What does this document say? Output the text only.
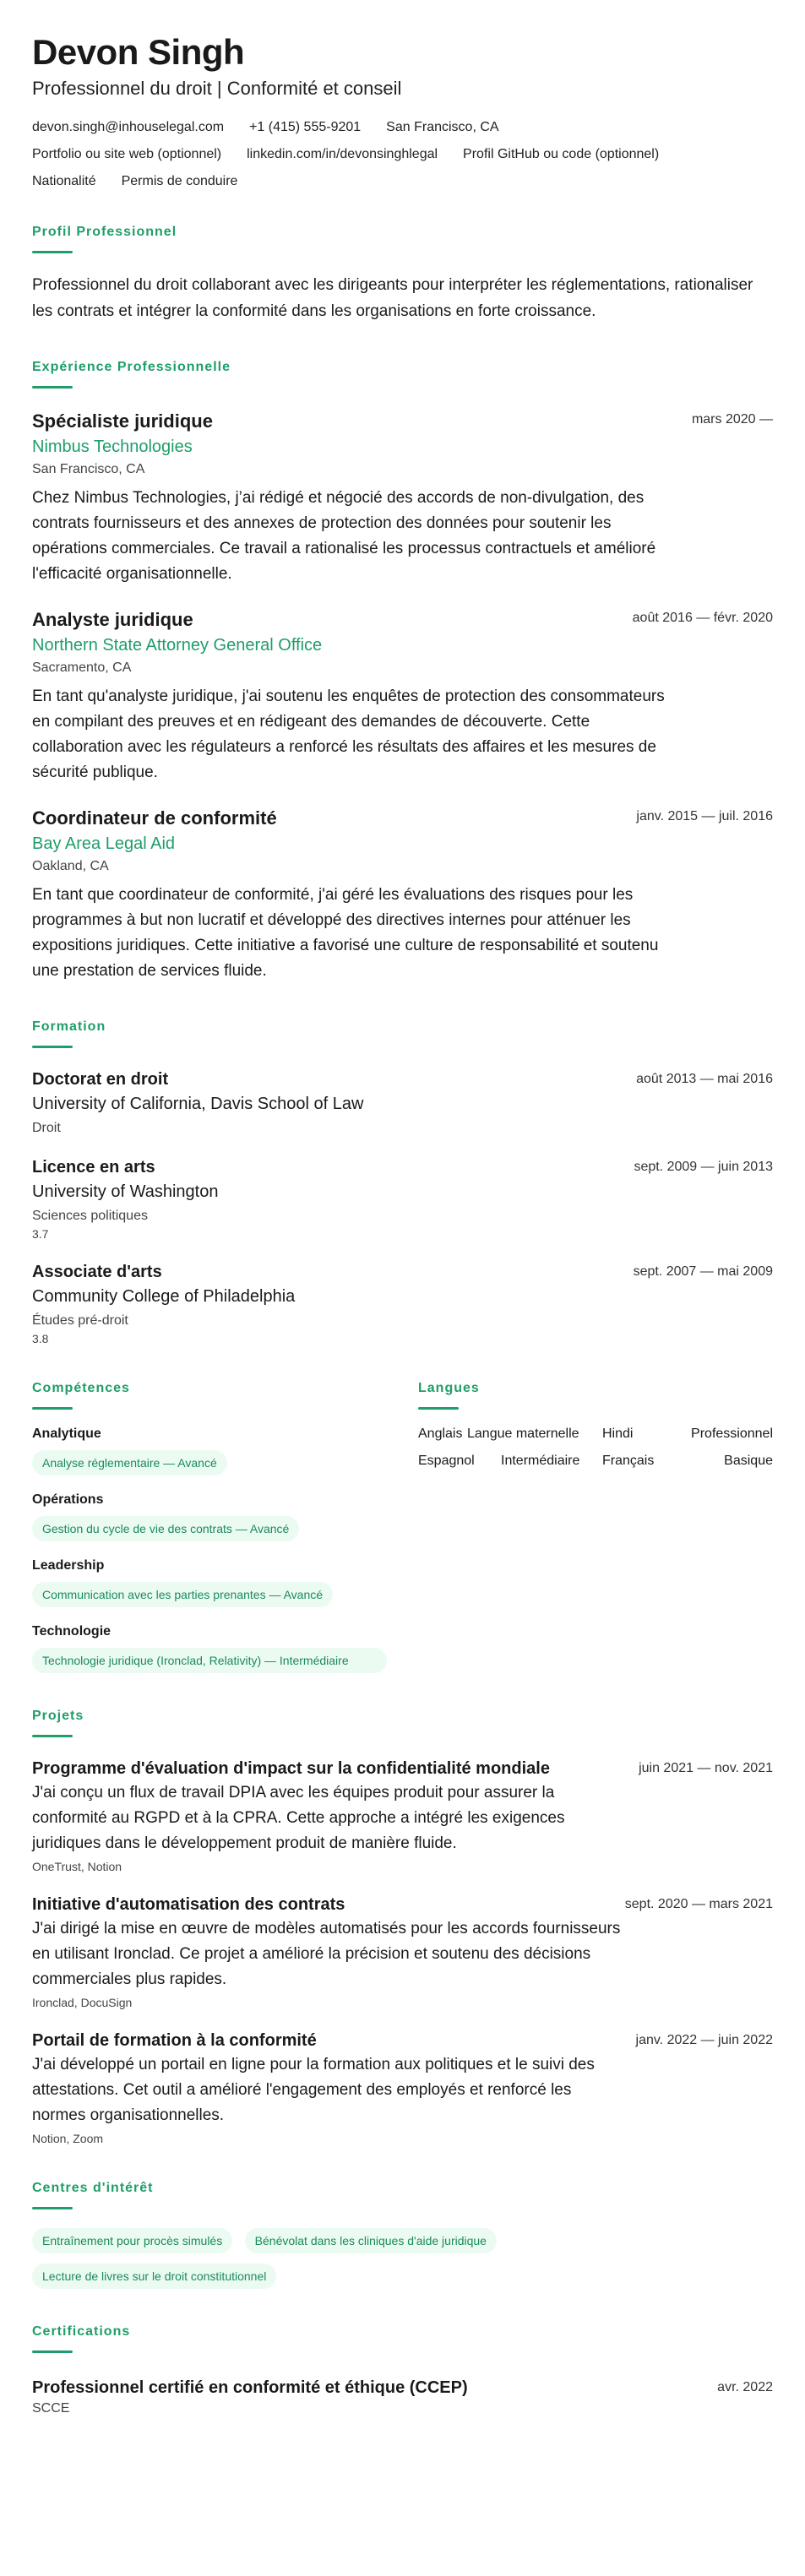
Devon Singh
Professionnel du droit | Conformité et conseil
devon.singh@inhouselegal.com +1 (415) 555-9201 San Francisco, CA
Portfolio ou site web (optionnel) linkedin.com/in/devonsinghlegal Profil GitHub ou code (optionnel)
Nationalité Permis de conduire
Profil Professionnel

Professionnel du droit collaborant avec les dirigeants pour interpréter les réglementations, rationaliser les contrats et intégrer la conformité dans les organisations en forte croissance.

Expérience Professionnelle
Spécialiste juridique	mars 2020 —
Nimbus Technologies
San Francisco, CA
Chez Nimbus Technologies, j’ai rédigé et négocié des accords de non-divulgation, des contrats fournisseurs et des annexes de protection des données pour soutenir les opérations commerciales. Ce travail a rationalisé les processus contractuels et amélioré l'efficacité organisationnelle.
Analyste juridique	août 2016 — févr. 2020
Northern State Attorney General Office
Sacramento, CA
En tant qu'analyste juridique, j'ai soutenu les enquêtes de protection des consommateurs en compilant des preuves et en rédigeant des demandes de découverte. Cette collaboration avec les régulateurs a renforcé les résultats des affaires et les mesures de sécurité publique.
Coordinateur de conformité	janv. 2015 — juil. 2016
Bay Area Legal Aid
Oakland, CA
En tant que coordinateur de conformité, j'ai géré les évaluations des risques pour les programmes à but non lucratif et développé des directives internes pour atténuer les expositions juridiques. Cette initiative a favorisé une culture de responsabilité et soutenu une prestation de services fluide.
Formation
Doctorat en droit	août 2013 — mai 2016
University of California, Davis School of Law
Droit
Licence en arts	sept. 2009 — juin 2013
University of Washington
Sciences politiques
3.7
Associate d'arts	sept. 2007 — mai 2009
Community College of Philadelphia
Études pré-droit
3.8
Compétences
Analytique
Analyse réglementaire — Avancé
Opérations
Gestion du cycle de vie des contrats — Avancé
Leadership
Communication avec les parties prenantes — Avancé
Technologie
Technologie juridique (Ironclad, Relativity) — Intermédiaire
Langues
Anglais Langue maternelle	Hindi	Professionnel
Espagnol	Intermédiaire	Français	Basique
Projets
Programme d'évaluation d'impact sur la confidentialité mondiale	juin 2021 — nov. 2021
J'ai conçu un flux de travail DPIA avec les équipes produit pour assurer la conformité au RGPD et à la CPRA. Cette approche a intégré les exigences juridiques dans le développement produit de manière fluide.
OneTrust, Notion
Initiative d'automatisation des contrats	sept. 2020 — mars 2021
J'ai dirigé la mise en œuvre de modèles automatisés pour les accords fournisseurs en utilisant Ironclad. Ce projet a amélioré la précision et soutenu des décisions commerciales plus rapides.
Ironclad, DocuSign
Portail de formation à la conformité	janv. 2022 — juin 2022
J'ai développé un portail en ligne pour la formation aux politiques et le suivi des attestations. Cet outil a amélioré l'engagement des employés et renforcé les normes organisationnelles.
Notion, Zoom
Centres d'intérêt
Entraînement pour procès simulés	Bénévolat dans les cliniques d'aide juridique
Lecture de livres sur le droit constitutionnel
Certifications
Professionnel certifié en conformité et éthique (CCEP)	avr. 2022
SCCE
